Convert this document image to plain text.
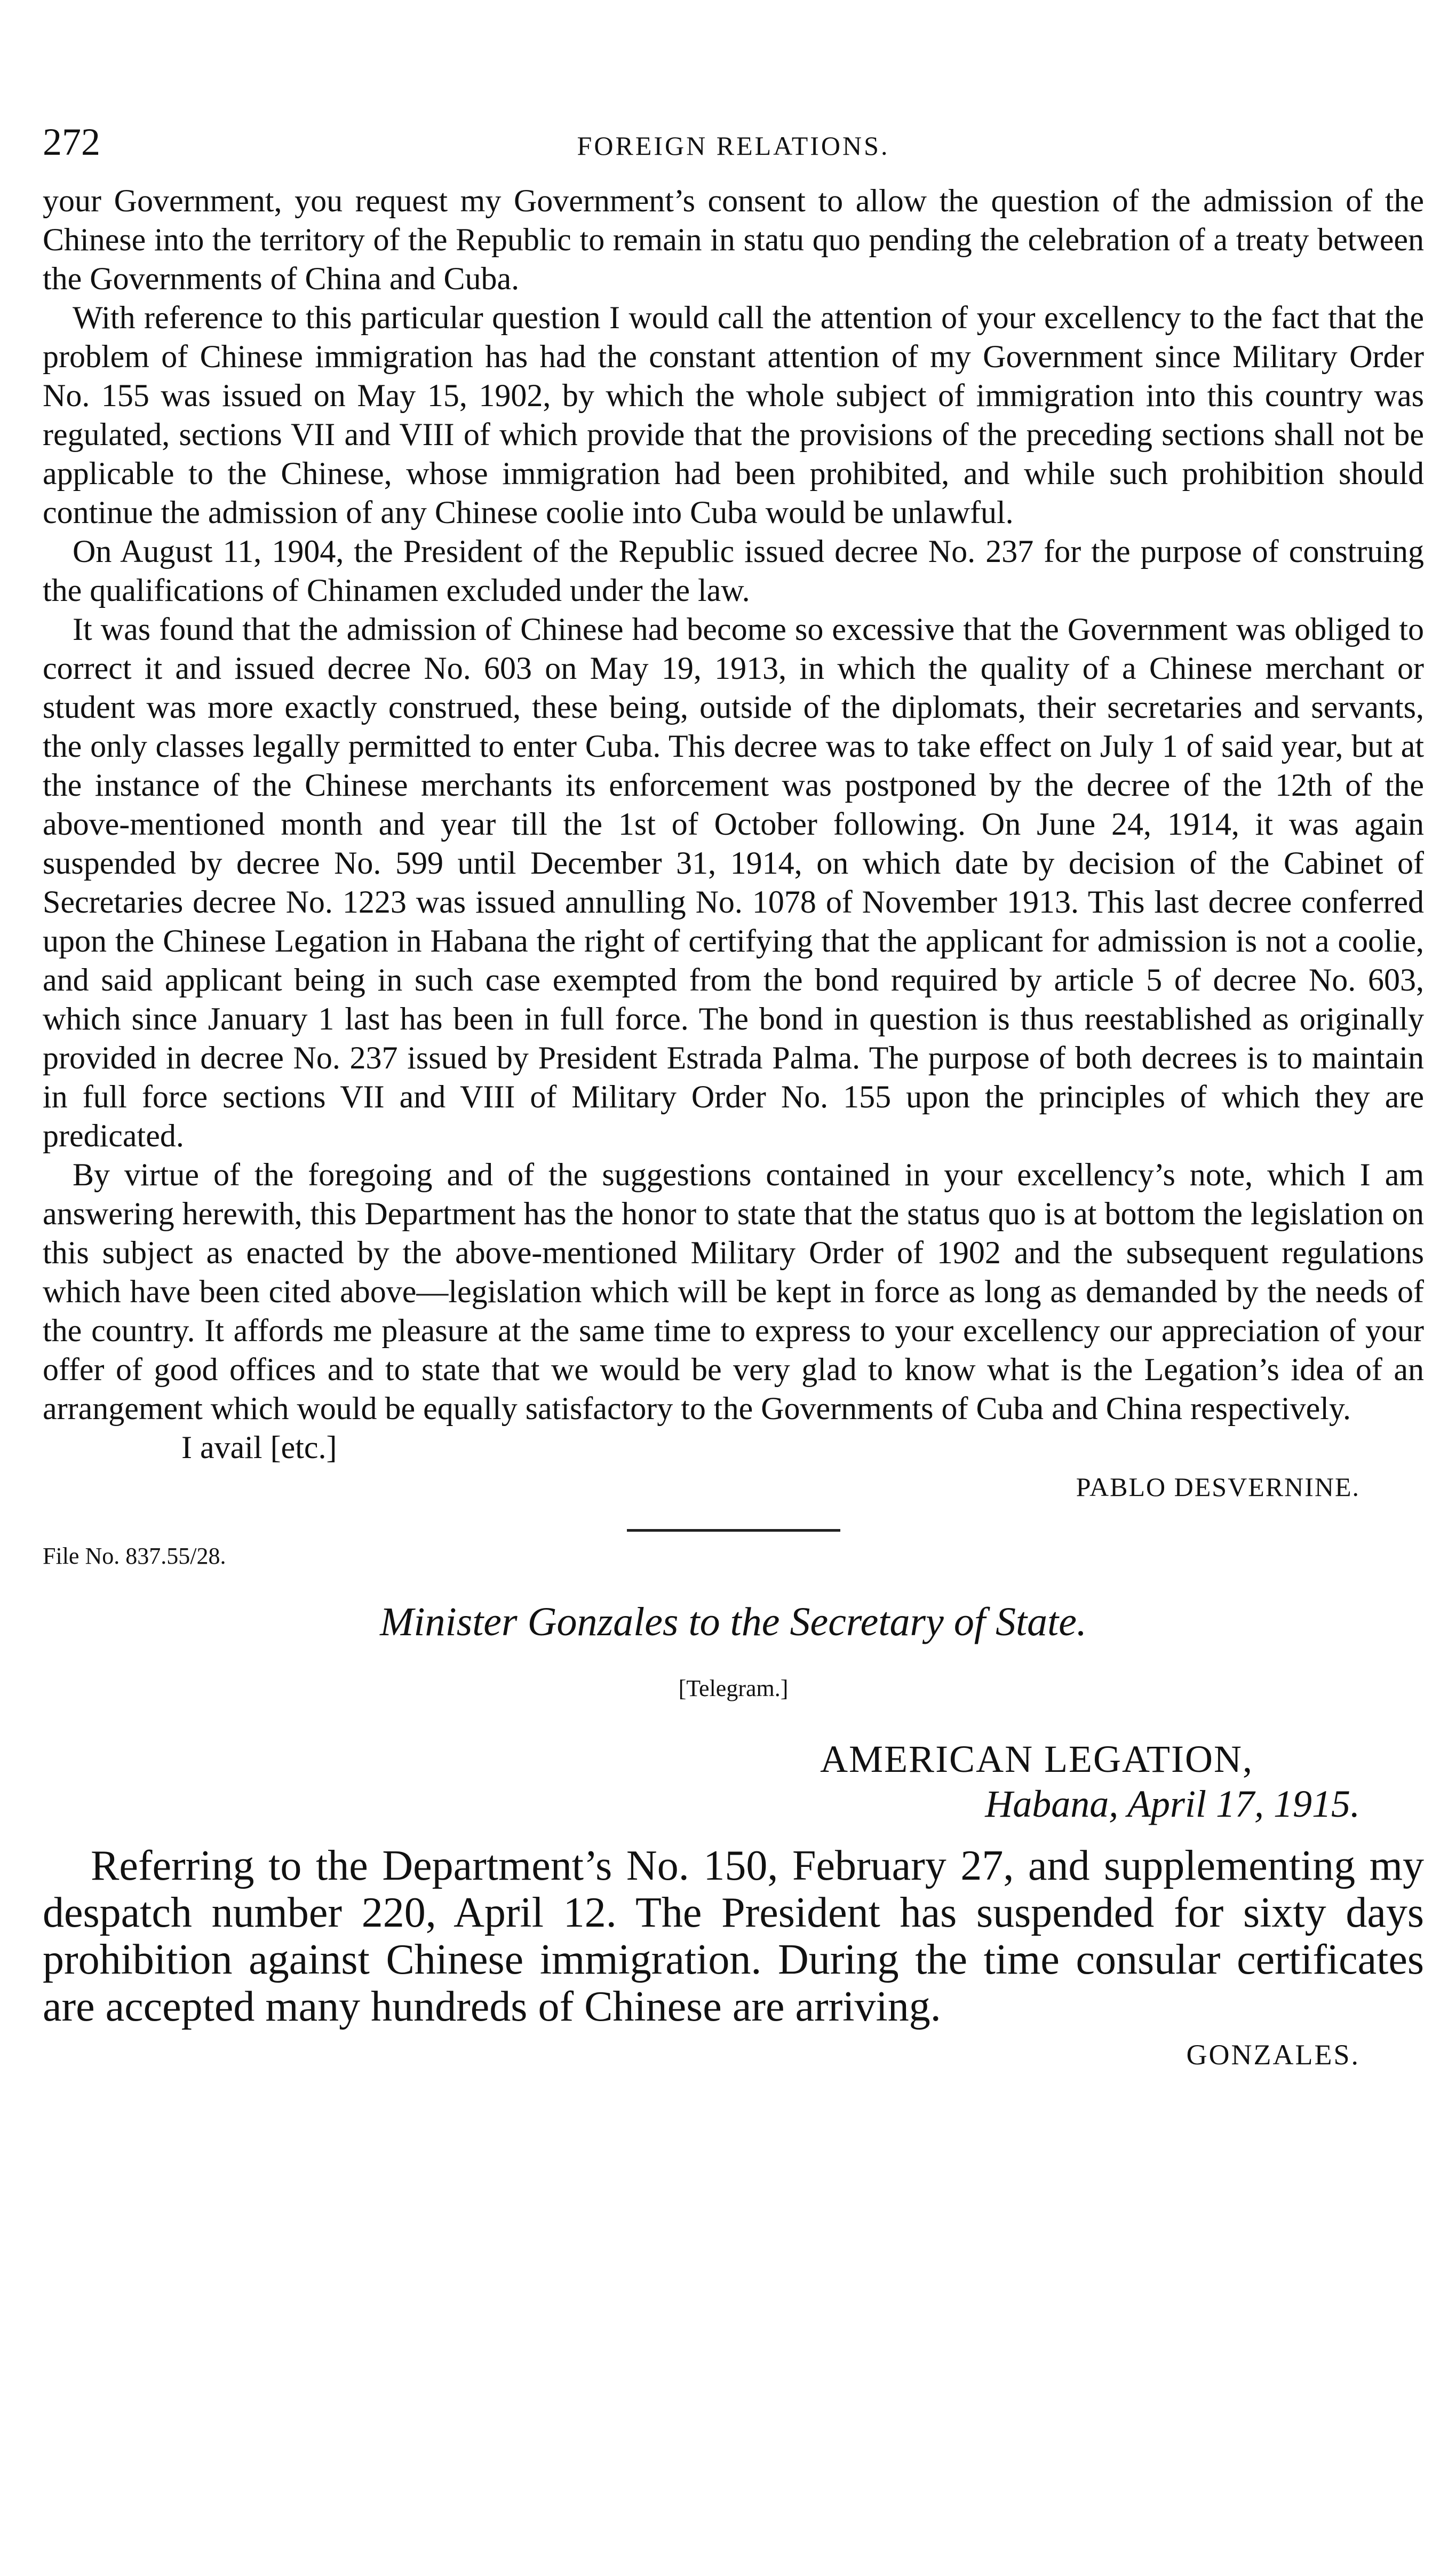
272	FOREIGN RELATIONS.

your Government, you request my Government’s consent to allow the question of the admission of the Chinese into the territory of the Republic to remain in statu quo pending the celebration of a treaty between the Governments of China and Cuba.

With reference to this particular question I would call the attention of your excellency to the fact that the problem of Chinese immigration has had the constant attention of my Government since Military Order No. 155 was issued on May 15, 1902, by which the whole subject of immigration into this country was regulated, sections VII and VIII of which provide that the provisions of the preceding sections shall not be applicable to the Chinese, whose immigration had been prohibited, and while such prohibition should continue the admission of any Chinese coolie into Cuba would be unlawful.

On August 11, 1904, the President of the Republic issued decree No. 237 for the purpose of construing the qualifications of Chinamen excluded under the law.

It was found that the admission of Chinese had become so excessive that the Government was obliged to correct it and issued decree No. 603 on May 19, 1913, in which the quality of a Chinese merchant or student was more exactly construed, these being, outside of the diplomats, their secretaries and servants, the only classes legally permitted to enter Cuba. This decree was to take effect on July 1 of said year, but at the instance of the Chinese merchants its enforcement was postponed by the decree of the 12th of the above-mentioned month and year till the 1st of October following. On June 24, 1914, it was again suspended by decree No. 599 until December 31, 1914, on which date by decision of the Cabinet of Secretaries decree No. 1223 was issued annulling No. 1078 of November 1913. This last decree conferred upon the Chinese Legation in Habana the right of certifying that the applicant for admission is not a coolie, and said applicant being in such case exempted from the bond required by article 5 of decree No. 603, which since January 1 last has been in full force. The bond in question is thus reestablished as originally provided in decree No. 237 issued by President Estrada Palma. The purpose of both decrees is to maintain in full force sections VII and VIII of Military Order No. 155 upon the principles of which they are predicated.

By virtue of the foregoing and of the suggestions contained in your excellency’s note, which I am answering herewith, this Department has the honor to state that the status quo is at bottom the legislation on this subject as enacted by the above-mentioned Military Order of 1902 and the subsequent regulations which have been cited above—legislation which will be kept in force as long as demanded by the needs of the country. It affords me pleasure at the same time to express to your excellency our appreciation of your offer of good offices and to state that we would be very glad to know what is the Legation’s idea of an arrangement which would be equally satisfactory to the Governments of Cuba and China respectively.

I avail [etc.]

PABLO DESVERNINE.
File No. 837.55/28.
Minister Gonzales to the Secretary of State.
[Telegram.]
AMERICAN LEGATION,
Habana, April 17, 1915.

Referring to the Department’s No. 150, February 27, and supplementing my despatch number 220, April 12. The President has suspended for sixty days prohibition against Chinese immigration. During the time consular certificates are accepted many hundreds of Chinese are arriving.

GONZALES.
